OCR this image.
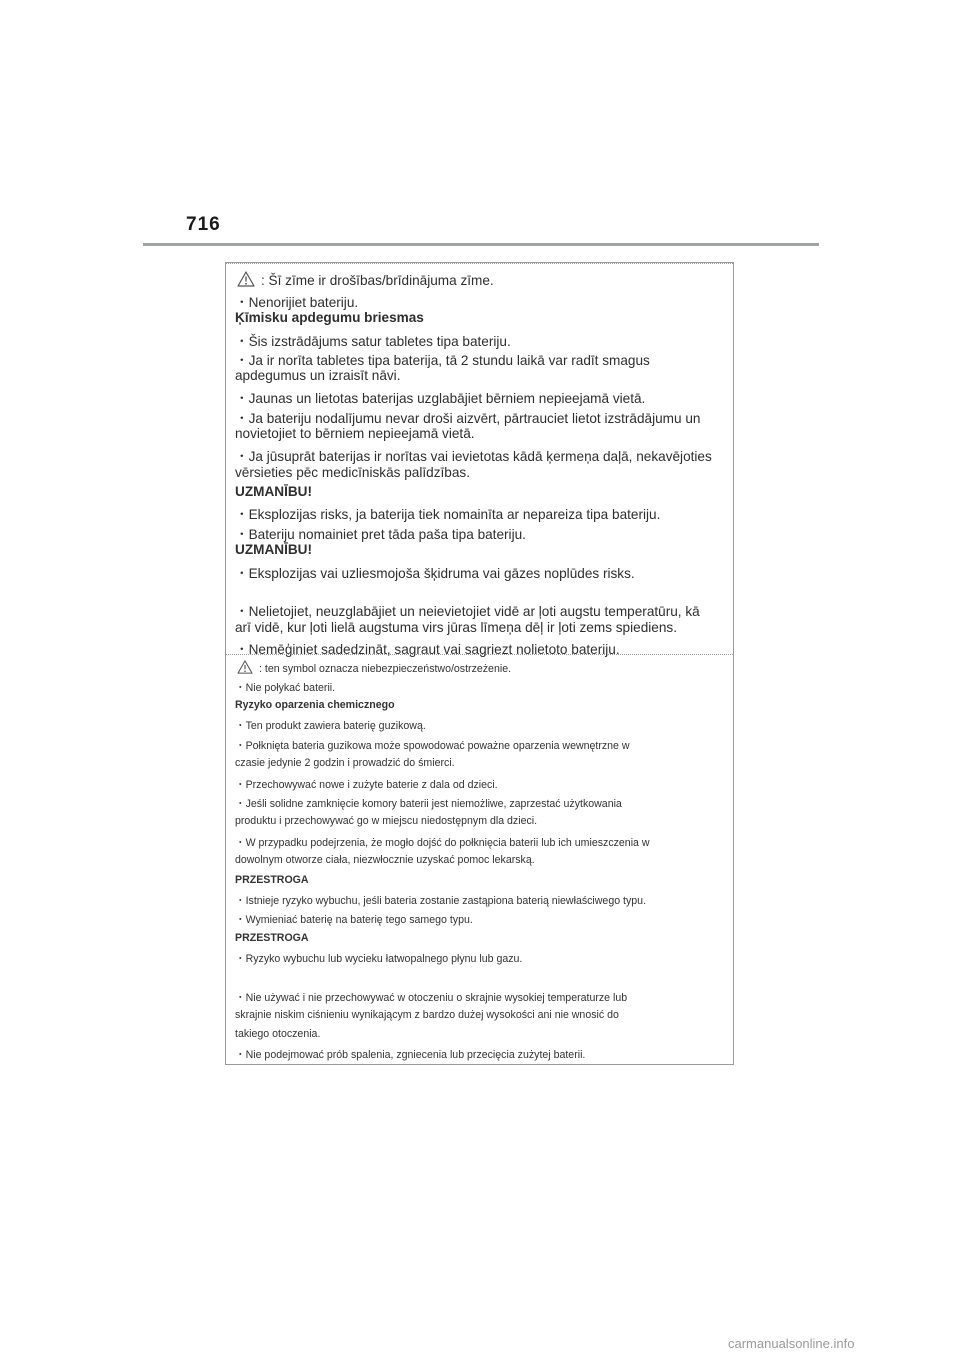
716
: Šī zīme ir drošības/brīdinājuma zīme.
・Nenorijiet bateriju.
Ķīmisku apdegumu briesmas
・Šis izstrādājums satur tabletes tipa bateriju.
・Ja ir norīta tabletes tipa baterija, tā 2 stundu laikā var radīt smagus
apdegumus un izraisīt nāvi.
・Jaunas un lietotas baterijas uzglabājiet bērniem nepieejamā vietā.
・Ja bateriju nodalījumu nevar droši aizvērt, pārtrauciet lietot izstrādājumu un
novietojiet to bērniem nepieejamā vietā.
・Ja jūsuprāt baterijas ir norītas vai ievietotas kādā ķermeņa daļā, nekavējoties
vērsieties pēc medicīniskās palīdzības.
UZMANĪBU!
・Eksplozijas risks, ja baterija tiek nomainīta ar nepareiza tipa bateriju.
・Bateriju nomainiet pret tāda paša tipa bateriju.
UZMANĪBU!
・Eksplozijas vai uzliesmojoša šķidruma vai gāzes noplūdes risks.
・Nelietojiet, neuzglabājiet un neievietojiet vidē ar ļoti augstu temperatūru, kā
arī vidē, kur ļoti lielā augstuma virs jūras līmeņa dēļ ir ļoti zems spiediens.
・Nemēģiniet sadedzināt, sagraut vai sagriezt nolietoto bateriju.
: ten symbol oznacza niebezpieczeństwo/ostrzeżenie.
・Nie połykać baterii.
Ryzyko oparzenia chemicznego
・Ten produkt zawiera baterię guzikową.
・Połknięta bateria guzikowa może spowodować poważne oparzenia wewnętrzne w
czasie jedynie 2 godzin i prowadzić do śmierci.
・Przechowywać nowe i zużyte baterie z dala od dzieci.
・Jeśli solidne zamknięcie komory baterii jest niemożliwe, zaprzestać użytkowania
produktu i przechowywać go w miejscu niedostępnym dla dzieci.
・W przypadku podejrzenia, że mogło dojść do połknięcia baterii lub ich umieszczenia w
dowolnym otworze ciała, niezwłocznie uzyskać pomoc lekarską.
PRZESTROGA
・Istnieje ryzyko wybuchu, jeśli bateria zostanie zastąpiona baterią niewłaściwego typu.
・Wymieniać baterię na baterię tego samego typu.
PRZESTROGA
・Ryzyko wybuchu lub wycieku łatwopalnego płynu lub gazu.
・Nie używać i nie przechowywać w otoczeniu o skrajnie wysokiej temperaturze lub
skrajnie niskim ciśnieniu wynikającym z bardzo dużej wysokości ani nie wnosić do
takiego otoczenia.
・Nie podejmować prób spalenia, zgniecenia lub przecięcia zużytej baterii.
carmanualsonline.info
